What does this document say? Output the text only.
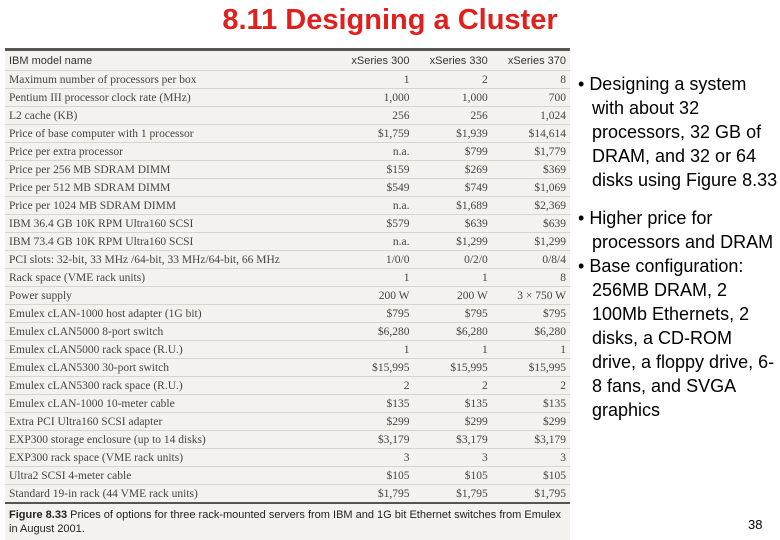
8.11 Designing a Cluster
IBM model name	xSeries 300	xSeries 330	xSeries 370
Maximum number of processors per box	1	2	8
Pentium III processor clock rate (MHz)	1,000	1,000	700
L2 cache (KB)	256	256	1,024
Price of base computer with 1 processor	$1,759	$1,939	$14,614
Price per extra processor	n.a.	$799	$1,779
Price per 256 MB SDRAM DIMM	$159	$269	$369
Price per 512 MB SDRAM DIMM	$549	$749	$1,069
Price per 1024 MB SDRAM DIMM	n.a.	$1,689	$2,369
IBM 36.4 GB 10K RPM Ultra160 SCSI	$579	$639	$639
IBM 73.4 GB 10K RPM Ultra160 SCSI	n.a.	$1,299	$1,299
PCI slots: 32-bit, 33 MHz /64-bit, 33 MHz/64-bit, 66 MHz	1/0/0	0/2/0	0/8/4
Rack space (VME rack units)	1	1	8
Power supply	200 W	200 W	3 × 750 W
Emulex cLAN-1000 host adapter (1G bit)	$795	$795	$795
Emulex cLAN5000 8-port switch	$6,280	$6,280	$6,280
Emulex cLAN5000 rack space (R.U.)	1	1	1
Emulex cLAN5300 30-port switch	$15,995	$15,995	$15,995
Emulex cLAN5300 rack space (R.U.)	2	2	2
Emulex cLAN-1000 10-meter cable	$135	$135	$135
Extra PCI Ultra160 SCSI adapter	$299	$299	$299
EXP300 storage enclosure (up to 14 disks)	$3,179	$3,179	$3,179
EXP300 rack space (VME rack units)	3	3	3
Ultra2 SCSI 4-meter cable	$105	$105	$105
Standard 19-in rack (44 VME rack units)	$1,795	$1,795	$1,795
Figure 8.33 Prices of options for three rack-mounted servers from IBM and 1G bit Ethernet switches from Emulex in August 2001.
• Designing a system with about 32 processors, 32 GB of DRAM, and 32 or 64 disks using Figure 8.33
• Higher price for processors and DRAM
• Base configuration: 256MB DRAM, 2 100Mb Ethernets, 2 disks, a CD-ROM drive, a floppy drive, 6-8 fans, and SVGA graphics
38
